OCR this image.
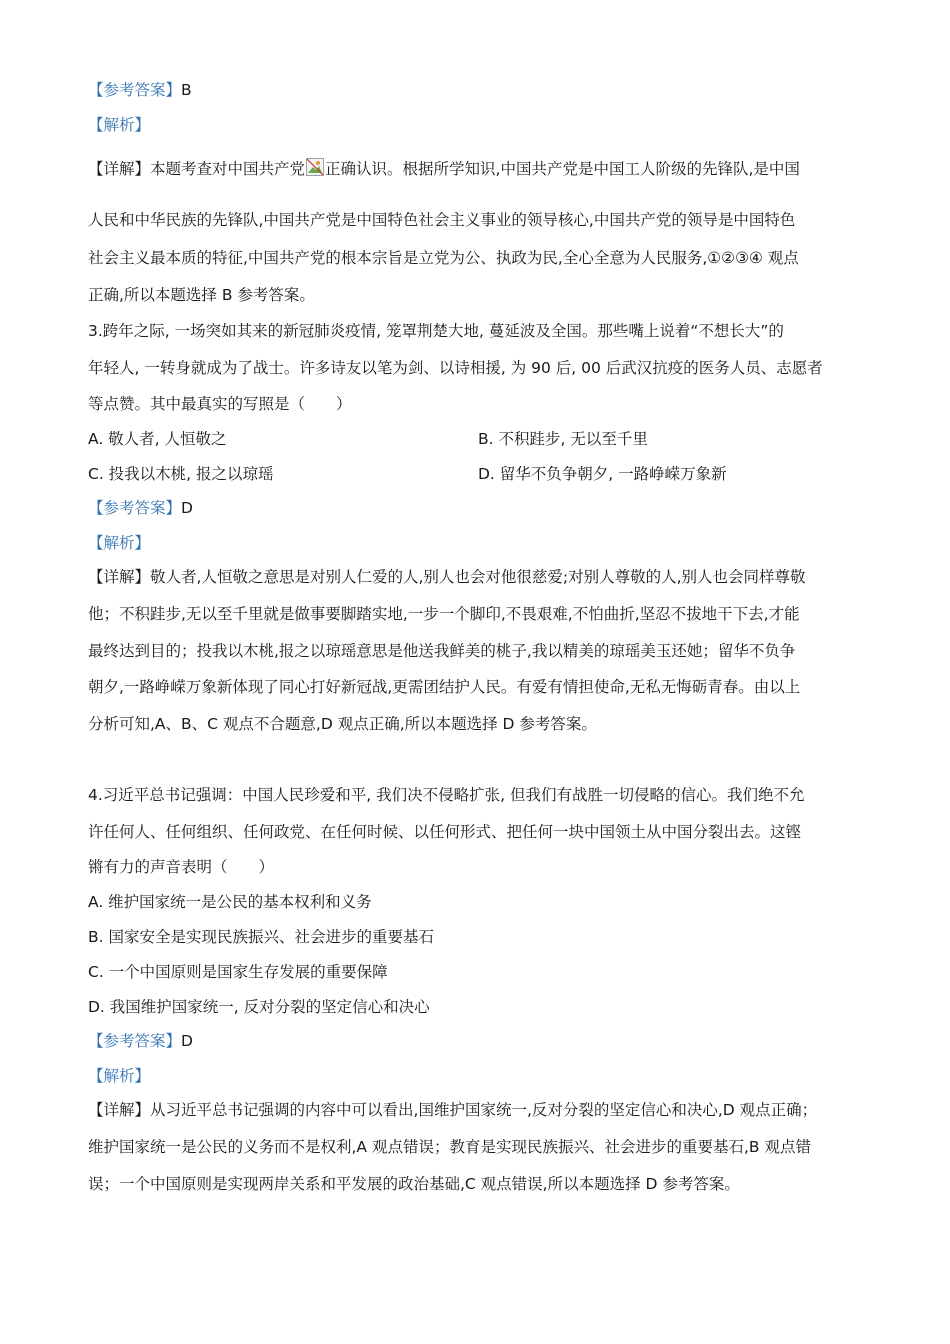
【参考答案】B
【解析】
【详解】本题考查对中国共产党 正确认识。根据所学知识,中国共产党是中国工人阶级的先锋队,是中国
人民和中华民族的先锋队,中国共产党是中国特色社会主义事业的领导核心,中国共产党的领导是中国特色
社会主义最本质的特征,中国共产党的根本宗旨是立党为公、执政为民,全心全意为人民服务,①②③④ 观点
正确,所以本题选择 B 参考答案。
3.跨年之际, 一场突如其来的新冠肺炎疫情, 笼罩荆楚大地, 蔓延波及全国。那些嘴上说着“不想长大”的
年轻人, 一转身就成为了战士。许多诗友以笔为剑、以诗相援, 为 90 后, 00 后武汉抗疫的医务人员、志愿者
等点赞。其中最真实的写照是（　　）
A. 敬人者, 人恒敬之	B. 不积跬步, 无以至千里
C. 投我以木桃, 报之以琼瑶	D. 留华不负争朝夕, 一路峥嵘万象新
【参考答案】D
【解析】
【详解】敬人者,人恒敬之意思是对别人仁爱的人,别人也会对他很慈爱;对别人尊敬的人,别人也会同样尊敬
他；不积跬步,无以至千里就是做事要脚踏实地,一步一个脚印,不畏艰难,不怕曲折,坚忍不拔地干下去,才能
最终达到目的；投我以木桃,报之以琼瑶意思是他送我鲜美的桃子,我以精美的琼瑶美玉还她；留华不负争
朝夕,一路峥嵘万象新体现了同心打好新冠战,更需团结护人民。有爱有情担使命,无私无悔砺青春。由以上
分析可知,A、B、C 观点不合题意,D 观点正确,所以本题选择 D 参考答案。
4.习近平总书记强调：中国人民珍爱和平, 我们决不侵略扩张, 但我们有战胜一切侵略的信心。我们绝不允
许任何人、任何组织、任何政党、在任何时候、以任何形式、把任何一块中国领土从中国分裂出去。这铿
锵有力的声音表明（　　）
A. 维护国家统一是公民的基本权利和义务
B. 国家安全是实现民族振兴、社会进步的重要基石
C. 一个中国原则是国家生存发展的重要保障
D. 我国维护国家统一, 反对分裂的坚定信心和决心
【参考答案】D
【解析】
【详解】从习近平总书记强调的内容中可以看出,国维护国家统一,反对分裂的坚定信心和决心,D 观点正确；
维护国家统一是公民的义务而不是权利,A 观点错误；教育是实现民族振兴、社会进步的重要基石,B 观点错
误；一个中国原则是实现两岸关系和平发展的政治基础,C 观点错误,所以本题选择 D 参考答案。
